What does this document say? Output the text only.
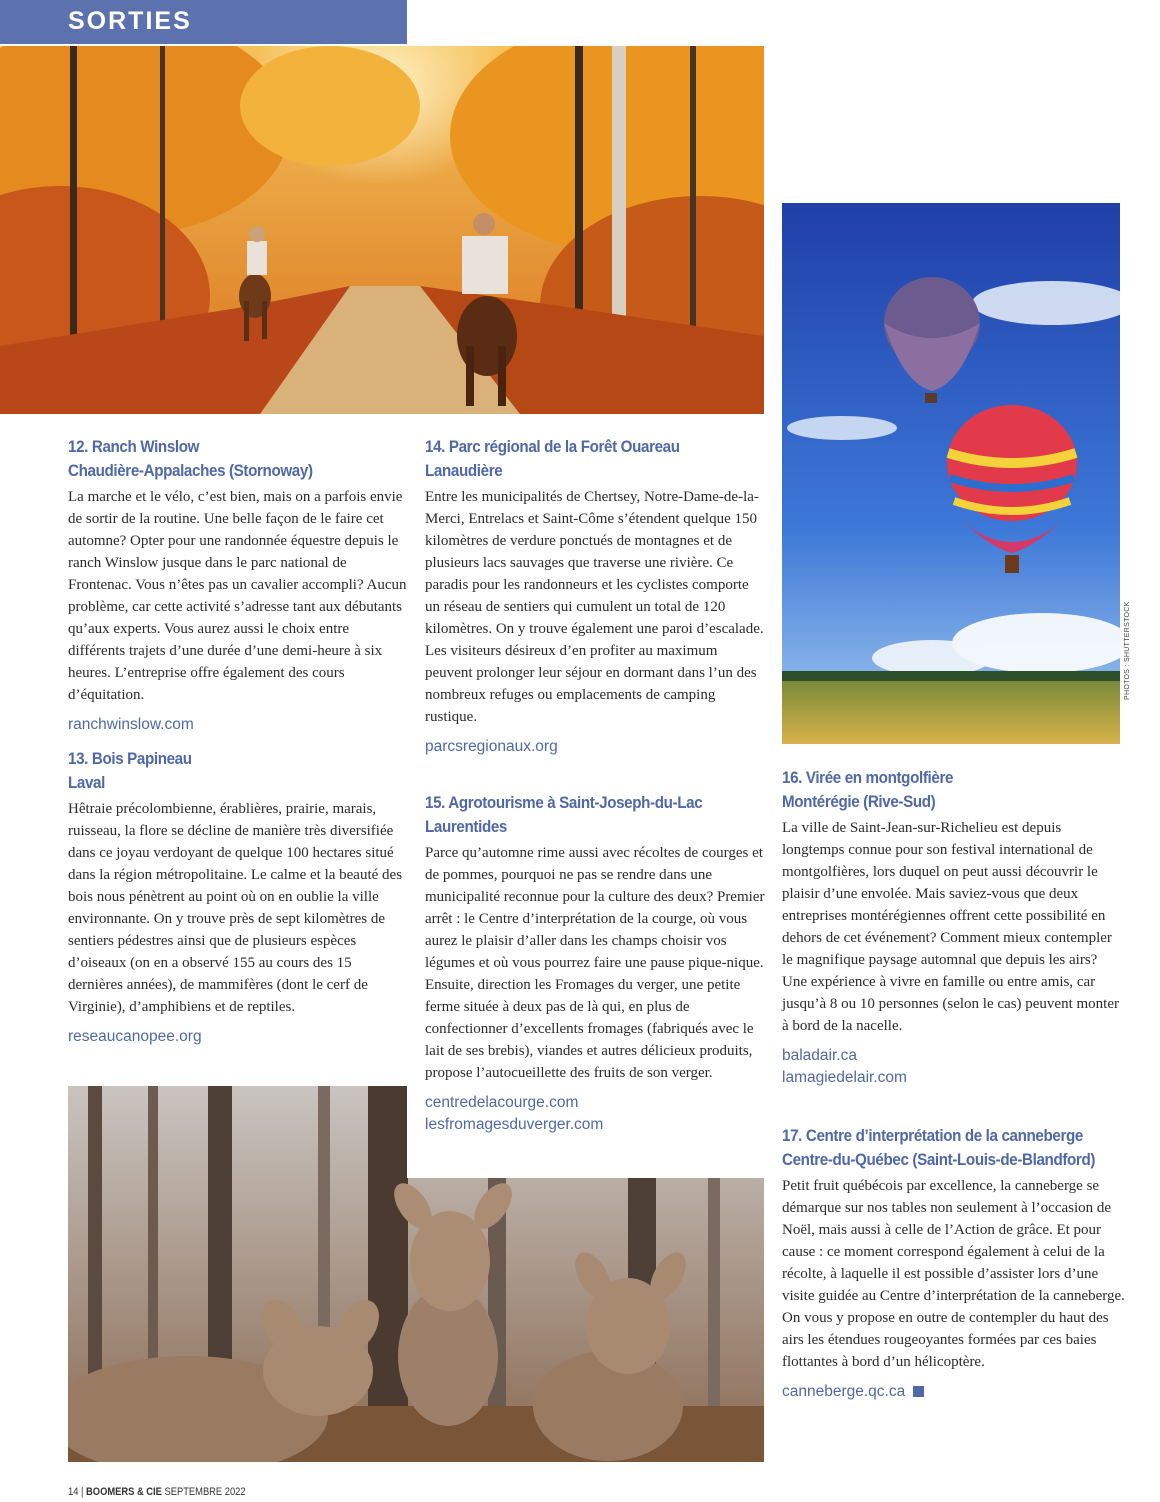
SORTIES
PHOTOS : SHUTTERSTOCK
12. Ranch Winslow
Chaudière-Appalaches (Stornoway)

La marche et le vélo, c’est bien, mais on a parfois envie de sortir de la routine. Une belle façon de le faire cet automne? Opter pour une randonnée équestre depuis le ranch Winslow jusque dans le parc national de Frontenac. Vous n’êtes pas un cavalier accompli? Aucun problème, car cette activité s’adresse tant aux débutants qu’aux experts. Vous aurez aussi le choix entre différents trajets d’une durée d’une demi-heure à six heures. L’entreprise offre également des cours d’équitation.

ranchwinslow.com
13. Bois Papineau
Laval

Hêtraie précolombienne, érablières, prairie, marais, ruisseau, la flore se décline de manière très diversifiée dans ce joyau verdoyant de quelque 100 hectares situé dans la région métropolitaine. Le calme et la beauté des bois nous pénètrent au point où on en oublie la ville environnante. On y trouve près de sept kilomètres de sentiers pédestres ainsi que de plusieurs espèces d’oiseaux (on en a observé 155 au cours des 15 dernières années), de mammifères (dont le cerf de Virginie), d’amphibiens et de reptiles.

reseaucanopee.org
14. Parc régional de la Forêt Ouareau
Lanaudière

Entre les municipalités de Chertsey, Notre-Dame-de-la-Merci, Entrelacs et Saint-Côme s’étendent quelque 150 kilomètres de verdure ponctués de montagnes et de plusieurs lacs sauvages que traverse une rivière. Ce paradis pour les randonneurs et les cyclistes comporte un réseau de sentiers qui cumulent un total de 120 kilomètres. On y trouve également une paroi d’escalade. Les visiteurs désireux d’en profiter au maximum peuvent prolonger leur séjour en dormant dans l’un des nombreux refuges ou emplacements de camping rustique.

parcsregionaux.org
15. Agrotourisme à Saint-Joseph-du-Lac
Laurentides

Parce qu’automne rime aussi avec récoltes de courges et de pommes, pourquoi ne pas se rendre dans une municipalité reconnue pour la culture des deux? Premier arrêt : le Centre d’interprétation de la courge, où vous aurez le plaisir d’aller dans les champs choisir vos légumes et où vous pourrez faire une pause pique-nique. Ensuite, direction les Fromages du verger, une petite ferme située à deux pas de là qui, en plus de confectionner d’excellents fromages (fabriqués avec le lait de ses brebis), viandes et autres délicieux produits, propose l’autocueillette des fruits de son verger.

centredelacourge.com
lesfromagesduverger.com
16. Virée en montgolfière
Montérégie (Rive-Sud)

La ville de Saint-Jean-sur-Richelieu est depuis longtemps connue pour son festival international de montgolfières, lors duquel on peut aussi découvrir le plaisir d’une envolée. Mais saviez-vous que deux entreprises montérégiennes offrent cette possibilité en dehors de cet événement? Comment mieux contempler le magnifique paysage automnal que depuis les airs? Une expérience à vivre en famille ou entre amis, car jusqu’à 8 ou 10 personnes (selon le cas) peuvent monter à bord de la nacelle.

baladair.ca
lamagiedelair.com
17. Centre d’interprétation de la canneberge
Centre-du-Québec (Saint-Louis-de-Blandford)

Petit fruit québécois par excellence, la canneberge se démarque sur nos tables non seulement à l’occasion de Noël, mais aussi à celle de l’Action de grâce. Et pour cause : ce moment correspond également à celui de la récolte, à laquelle il est possible d’assister lors d’une visite guidée au Centre d’interprétation de la canneberge. On vous y propose en outre de contempler du haut des airs les étendues rougeoyantes formées par ces baies flottantes à bord d’un hélicoptère.

canneberge.qc.ca
14 | BOOMERS & CIE SEPTEMBRE 2022
